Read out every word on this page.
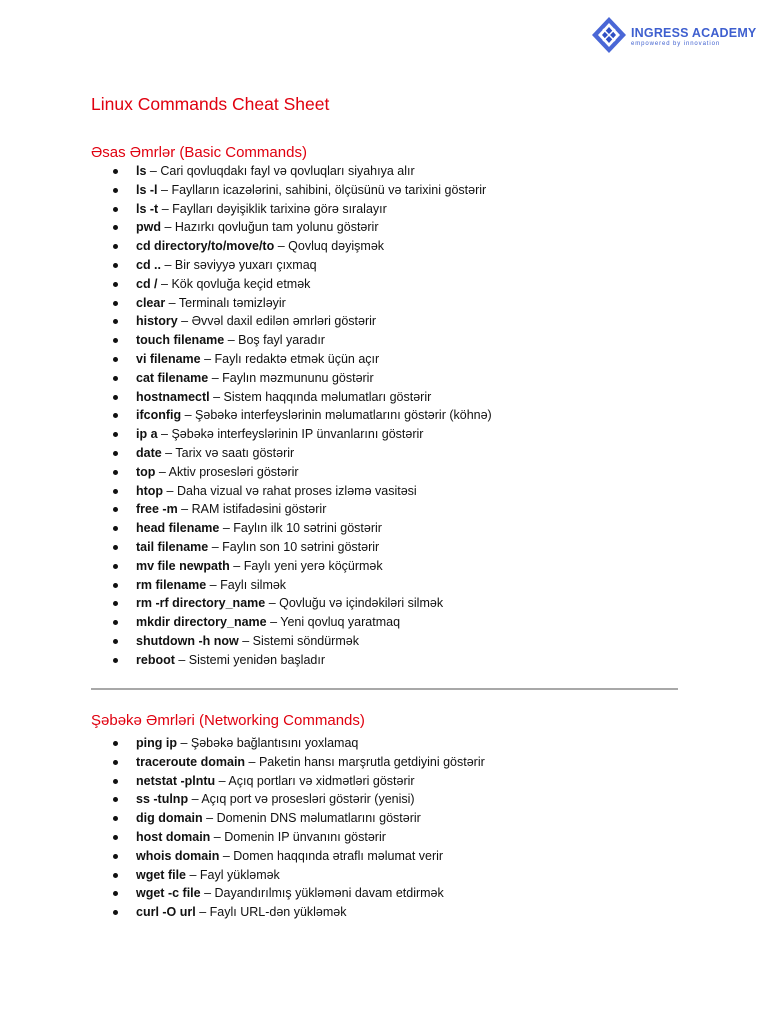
INGRESS ACADEMY
empowered by innovation
Linux Commands Cheat Sheet
Əsas Əmrlər (Basic Commands)
ls – Cari qovluqdakı fayl və qovluqları siyahıya alır
ls -l – Faylların icazələrini, sahibini, ölçüsünü və tarixini göstərir
ls -t – Faylları dəyişiklik tarixinə görə sıralayır
pwd – Hazırkı qovluğun tam yolunu göstərir
cd directory/to/move/to – Qovluq dəyişmək
cd .. – Bir səviyyə yuxarı çıxmaq
cd / – Kök qovluğa keçid etmək
clear – Terminalı təmizləyir
history – Əvvəl daxil edilən əmrləri göstərir
touch filename – Boş fayl yaradır
vi filename – Faylı redaktə etmək üçün açır
cat filename – Faylın məzmununu göstərir
hostnamectl – Sistem haqqında məlumatları göstərir
ifconfig – Şəbəkə interfeyslərinin məlumatlarını göstərir (köhnə)
ip a – Şəbəkə interfeyslərinin IP ünvanlarını göstərir
date – Tarix və saatı göstərir
top – Aktiv prosesləri göstərir
htop – Daha vizual və rahat proses izləmə vasitəsi
free -m – RAM istifadəsini göstərir
head filename – Faylın ilk 10 sətrini göstərir
tail filename – Faylın son 10 sətrini göstərir
mv file newpath – Faylı yeni yerə köçürmək
rm filename – Faylı silmək
rm -rf directory_name – Qovluğu və içindəkiləri silmək
mkdir directory_name – Yeni qovluq yaratmaq
shutdown -h now – Sistemi söndürmək
reboot – Sistemi yenidən başladır
Şəbəkə Əmrləri (Networking Commands)
ping ip – Şəbəkə bağlantısını yoxlamaq
traceroute domain – Paketin hansı marşrutla getdiyini göstərir
netstat -plntu – Açıq portları və xidmətləri göstərir
ss -tulnp – Açıq port və prosesləri göstərir (yenisi)
dig domain – Domenin DNS məlumatlarını göstərir
host domain – Domenin IP ünvanını göstərir
whois domain – Domen haqqında ətraflı məlumat verir
wget file – Fayl yükləmək
wget -c file – Dayandırılmış yükləməni davam etdirmək
curl -O url – Faylı URL-dən yükləmək
